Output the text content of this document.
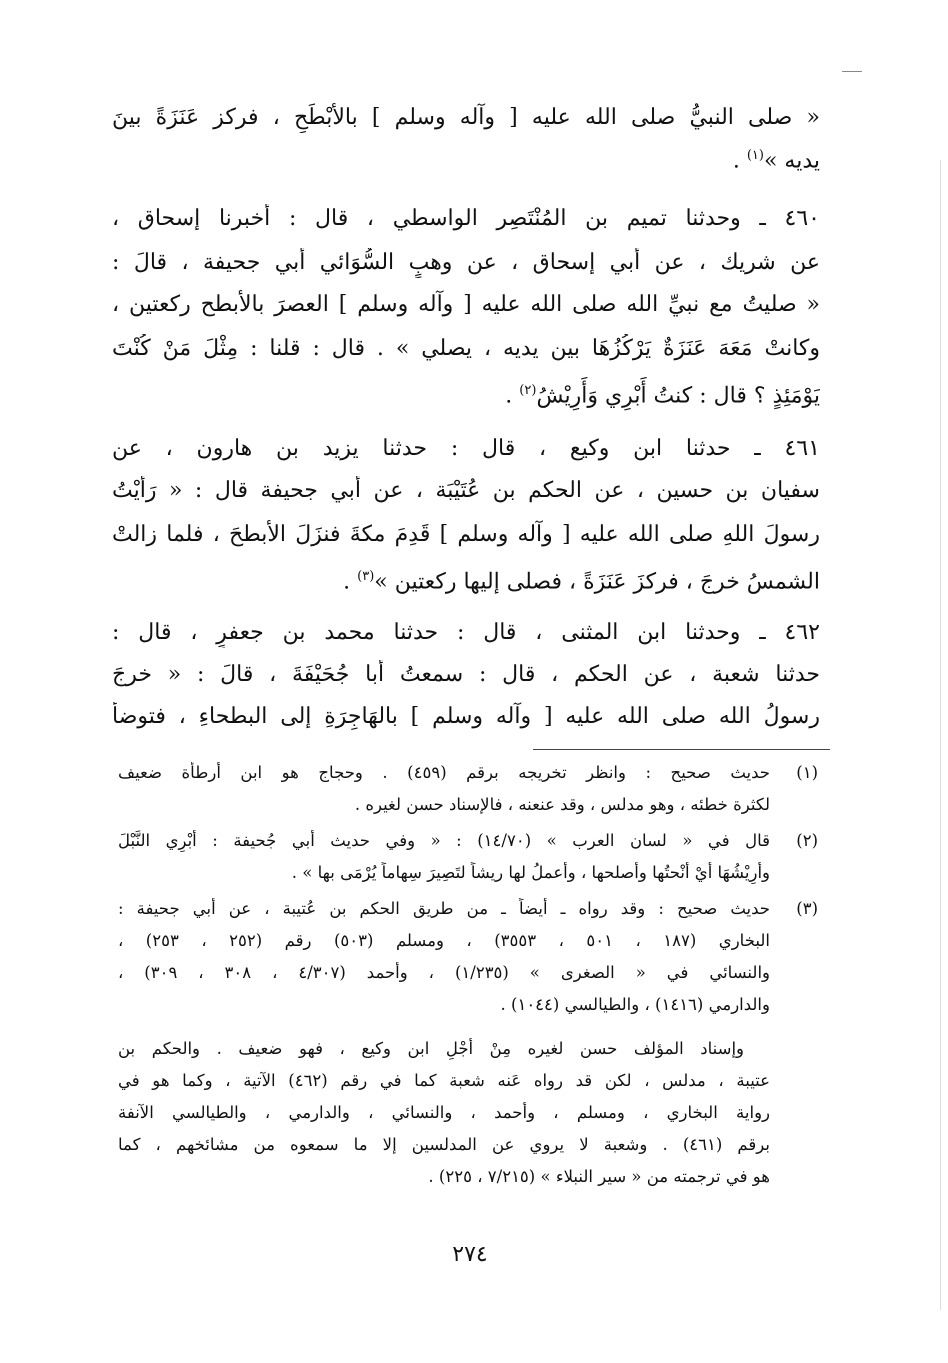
« صلى النبيُّ صلى الله عليه [ وآله وسلم ] بالأَبْطَحِ ، فركز عَنَزَةً بينَ
يديه »$^{(١)}$ .
٤٦٠ ـ وحدثنا تميم بن المُنْتَصِر الواسطي ، قال : أخبرنا إسحاق ،
عن شريك ، عن أبي إسحاق ، عن وهبٍ السُّوَائي أبي جحيفة ، قالَ :
« صليتُ مع نبيِّ الله صلى الله عليه [ وآله وسلم ] العصرَ بالأبطح ركعتين ،
وكانتْ مَعَهَ عَنَزَةٌ يَرْكُزُهَا بين يديه ، يصلي » . قال : قلنا : مِثْلَ مَنْ كُنْتَ
يَوْمَئِذٍ ؟ قال : كنتُ أَبْرِي وَأَرِيْشُ$^{(٢)}$ .
٤٦١ ـ حدثنا ابن وكيع ، قال : حدثنا يزيد بن هارون ، عن
سفيان بن حسين ، عن الحكم بن عُتَيْبَة ، عن أبي جحيفة قال : « رَأَيْتُ
رسولَ اللهِ صلى الله عليه [ وآله وسلم ] قَدِمَ مكةَ فنزَلَ الأبطحَ ، فلما زالتْ
الشمسُ خرجَ ، فركزَ عَنَزَةً ، فصلى إليها ركعتين »$^{(٣)}$ .
٤٦٢ ـ وحدثنا ابن المثنى ، قال : حدثنا محمد بن جعفرٍ ، قال :
حدثنا شعبة ، عن الحكم ، قال : سمعتُ أبا جُحَيْفَةَ ، قالَ : « خرجَ
رسولُ الله صلى الله عليه [ وآله وسلم ] بالهَاجِرَةِ إلى البطحاءِ ، فتوضأَ
(١)
حديث صحيح : وانظر تخريجه برقم (٤٥٩) . وحجاج هو ابن أرطأة ضعيف
لكثرة خطئه ، وهو مدلس ، وقد عنعنه ، فالإسناد حسن لغيره .
(٢)
قال في « لسان العرب » (١٤/٧٠) : « وفي حديث أبي جُحيفة : أَبْرِي النَّبْلَ
وأَرِيْشُهَا أيْ أَنْحتُها وأُصلحها ، وأعملُ لها ريشاً لتَصِيرَ سِهاماً يُرْمَى بها » .
(٣)
حديث صحيح : وقد رواه ـ أيضاً ـ من طريق الحكم بن عُتيبة ، عن أبي جحيفة :
البخاري (١٨٧ ، ٥٠١ ، ٣٥٥٣) ، ومسلم (٥٠٣) رقم (٢٥٢ ، ٢٥٣) ،
والنسائي في « الصغرى » (١/٢٣٥) ، وأحمد (٤/٣٠٧ ، ٣٠٨ ، ٣٠٩) ،
والدارمي (١٤١٦) ، والطيالسي (١٠٤٤) .
وإسناد المؤلف حسن لغيره مِنْ أَجْلِ ابن وكيع ، فهو ضعيف . والحكم بن
عتيبة ، مدلس ، لكن قد رواه عَنه شعبة كما في رقم (٤٦٢) الآتية ، وكما هو في
رواية البخاري ، ومسلم ، وأحمد ، والنسائي ، والدارمي ، والطيالسي الآنفة
برقم (٤٦١) . وشعبة لا يروي عن المدلسين إلا ما سمعوه من مشائخهم ، كما
هو في ترجمته من « سير النبلاء » (٧/٢١٥ ، ٢٢٥) .
٢٧٤
